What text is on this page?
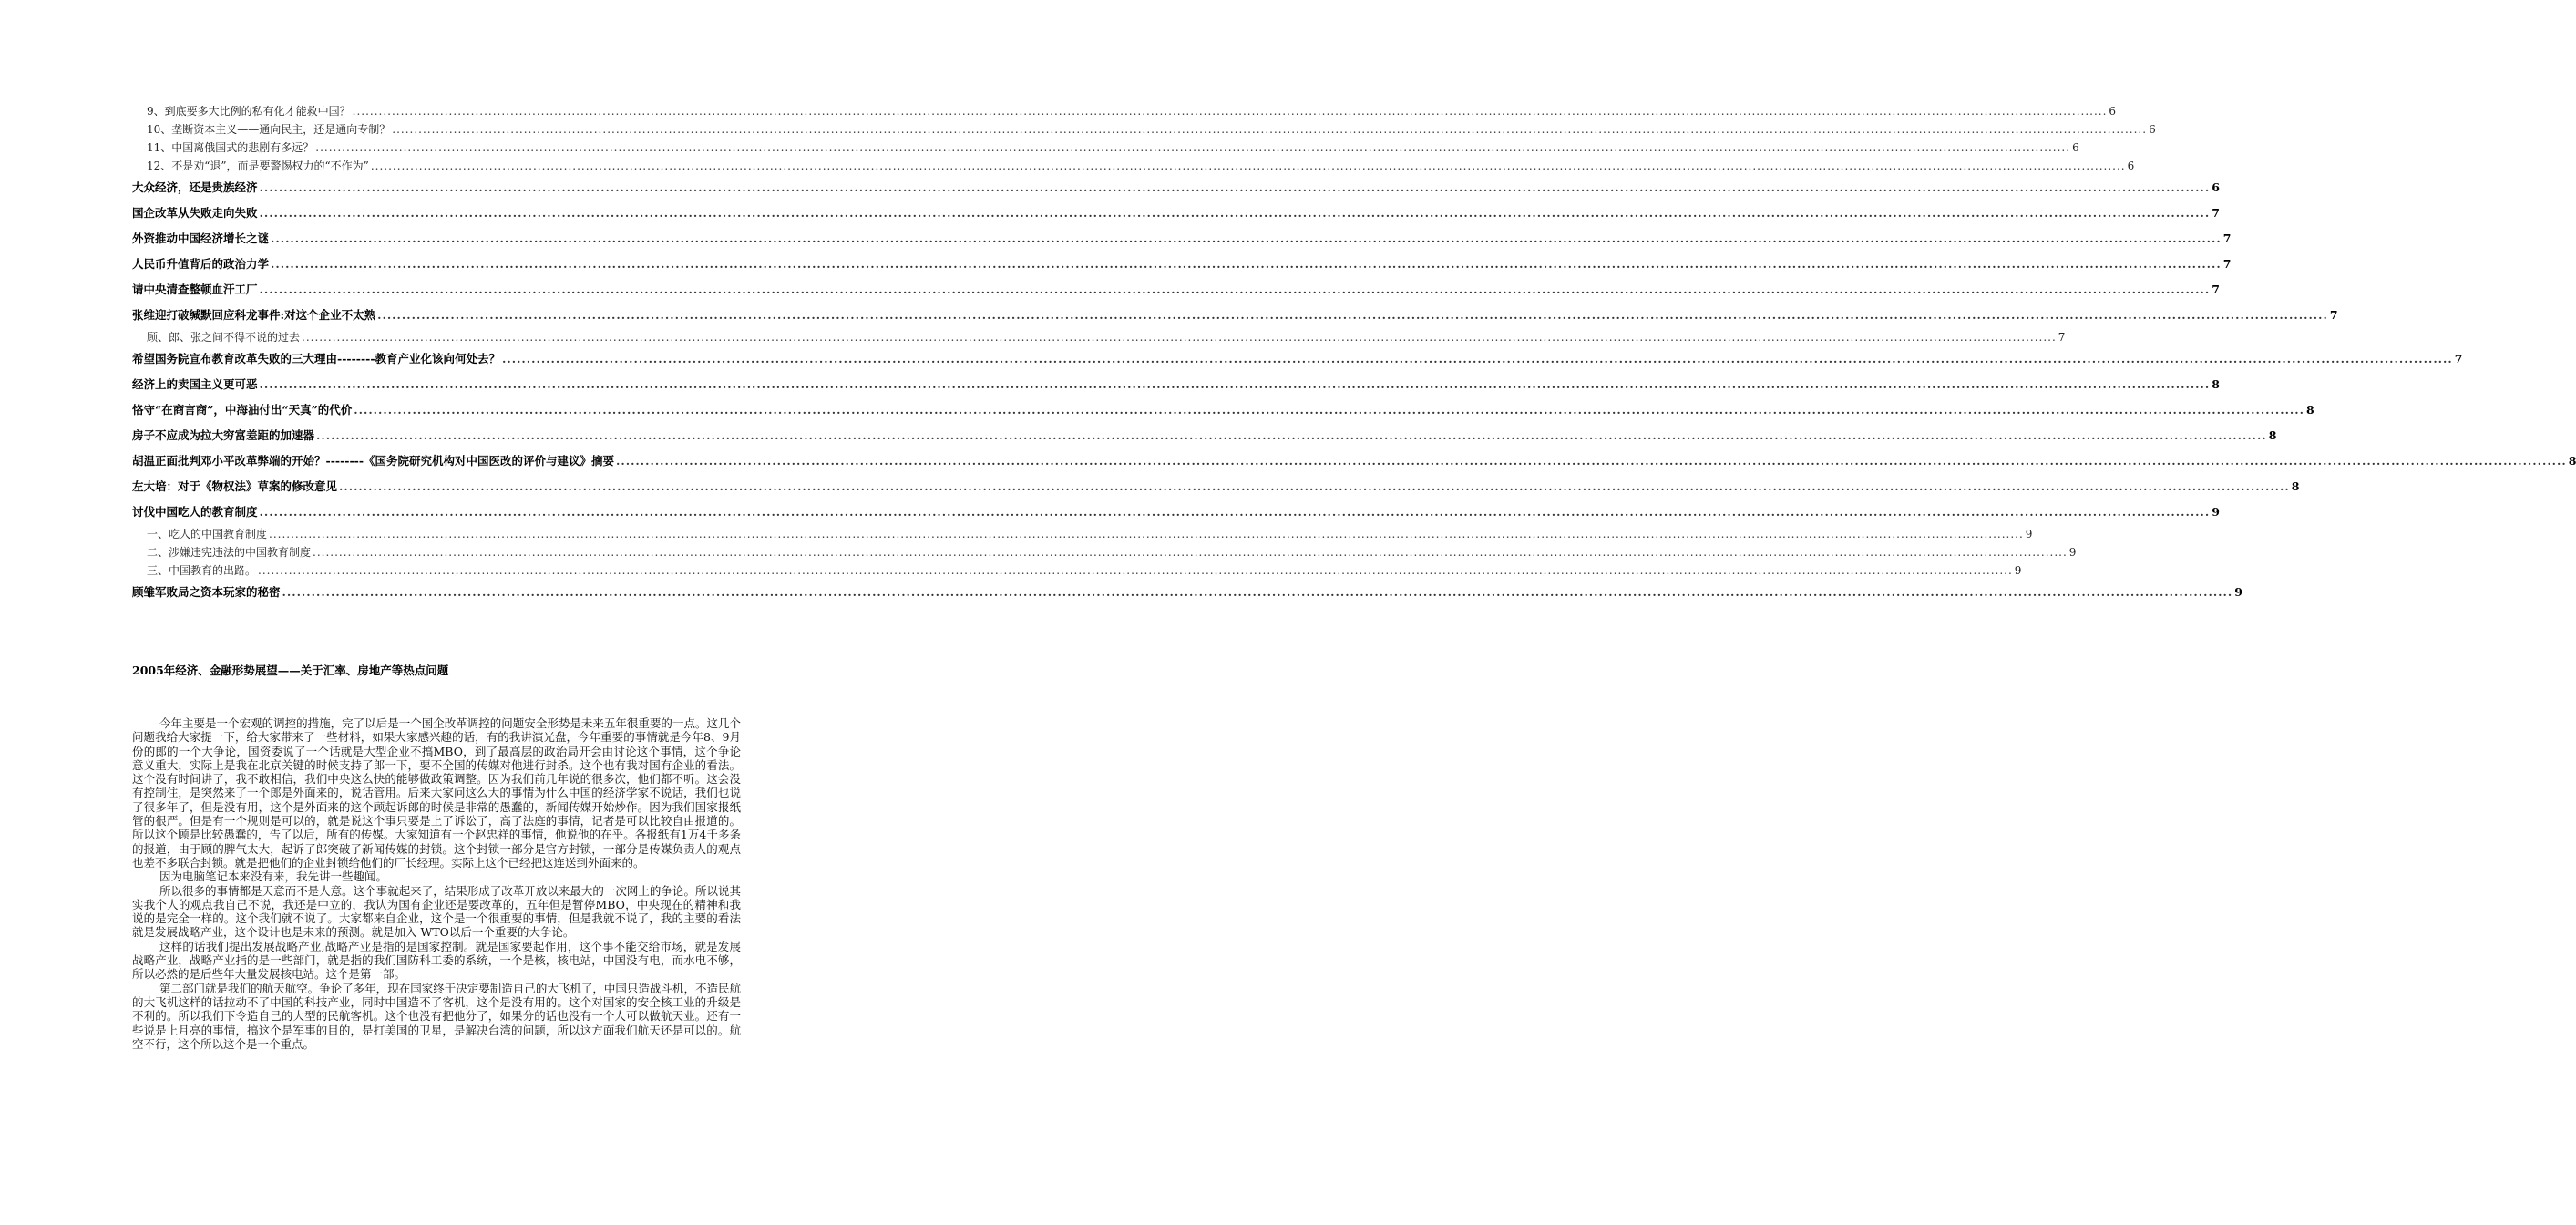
9、到底要多大比例的私有化才能救中国？ ................................................................................................................................................................................................................................................................................................................................................................................................................ 6
10、垄断资本主义——通向民主，还是通向专制？ ................................................................................................................................................................................................................................................................................................................................................................................................................ 6
11、中国离俄国式的悲剧有多远？ ................................................................................................................................................................................................................................................................................................................................................................................................................ 6
12、不是劝“退”，而是要警惕权力的“不作为” ................................................................................................................................................................................................................................................................................................................................................................................................................ 6
大众经济，还是贵族经济 ................................................................................................................................................................................................................................................................................................................................................................................................................ 6
国企改革从失败走向失败 ................................................................................................................................................................................................................................................................................................................................................................................................................ 7
外资推动中国经济增长之谜 ................................................................................................................................................................................................................................................................................................................................................................................................................ 7
人民币升值背后的政治力学 ................................................................................................................................................................................................................................................................................................................................................................................................................ 7
请中央清查整顿血汗工厂 ................................................................................................................................................................................................................................................................................................................................................................................................................ 7
张维迎打破缄默回应科龙事件:对这个企业不太熟 ................................................................................................................................................................................................................................................................................................................................................................................................................ 7
顾、郎、张之间不得不说的过去 ................................................................................................................................................................................................................................................................................................................................................................................................................ 7
希望国务院宣布教育改革失败的三大理由--------教育产业化该向何处去？ ................................................................................................................................................................................................................................................................................................................................................................................................................ 7
经济上的卖国主义更可恶 ................................................................................................................................................................................................................................................................................................................................................................................................................ 8
恪守“在商言商”，中海油付出“天真”的代价 ................................................................................................................................................................................................................................................................................................................................................................................................................ 8
房子不应成为拉大穷富差距的加速器 ................................................................................................................................................................................................................................................................................................................................................................................................................ 8
胡温正面批判邓小平改革弊端的开始？--------《国务院研究机构对中国医改的评价与建议》摘要 ................................................................................................................................................................................................................................................................................................................................................................................................................ 8
左大培：对于《物权法》草案的修改意见 ................................................................................................................................................................................................................................................................................................................................................................................................................ 8
讨伐中国吃人的教育制度 ................................................................................................................................................................................................................................................................................................................................................................................................................ 9
一、吃人的中国教育制度 ................................................................................................................................................................................................................................................................................................................................................................................................................ 9
二、涉嫌违宪违法的中国教育制度 ................................................................................................................................................................................................................................................................................................................................................................................................................ 9
三、中国教育的出路。 ................................................................................................................................................................................................................................................................................................................................................................................................................ 9
顾雏军败局之资本玩家的秘密 ................................................................................................................................................................................................................................................................................................................................................................................................................ 9
2005年经济、金融形势展望——关于汇率、房地产等热点问题

今年主要是一个宏观的调控的措施，完了以后是一个国企改革调控的问题安全形势是未来五年很重要的一点。这几个问题我给大家提一下，给大家带来了一些材料，如果大家感兴趣的话，有的我讲演光盘，今年重要的事情就是今年8、9月份的郎的一个大争论，国资委说了一个话就是大型企业不搞MBO，到了最高层的政治局开会由讨论这个事情，这个争论意义重大，实际上是我在北京关键的时候支持了郎一下，要不全国的传媒对他进行封杀。这个也有我对国有企业的看法。这个没有时间讲了，我不敢相信，我们中央这么快的能够做政策调整。因为我们前几年说的很多次，他们都不听。这会没有控制住，是突然来了一个郎是外面来的，说话管用。后来大家问这么大的事情为什么中国的经济学家不说话，我们也说了很多年了，但是没有用，这个是外面来的这个顾起诉郎的时候是非常的愚蠢的，新闻传媒开始炒作。因为我们国家报纸管的很严。但是有一个规则是可以的，就是说这个事只要是上了诉讼了，高了法庭的事情，记者是可以比较自由报道的。所以这个顾是比较愚蠢的，告了以后，所有的传媒。大家知道有一个赵忠祥的事情，他说他的在乎。各报纸有1万4千多条的报道，由于顾的脾气太大，起诉了郎突破了新闻传媒的封锁。这个封锁一部分是官方封锁，一部分是传媒负责人的观点也差不多联合封锁。就是把他们的企业封锁给他们的厂长经理。实际上这个已经把这连送到外面来的。

因为电脑笔记本来没有来，我先讲一些趣闻。

所以很多的事情都是天意而不是人意。这个事就起来了，结果形成了改革开放以来最大的一次网上的争论。所以说其实我个人的观点我自己不说，我还是中立的，我认为国有企业还是要改革的，五年但是暂停MBO，中央现在的精神和我说的是完全一样的。这个我们就不说了。大家都来自企业，这个是一个很重要的事情，但是我就不说了，我的主要的看法就是发展战略产业，这个设计也是未来的预测。就是加入 WTO以后一个重要的大争论。

这样的话我们提出发展战略产业,战略产业是指的是国家控制。就是国家要起作用，这个事不能交给市场，就是发展战略产业，战略产业指的是一些部门，就是指的我们国防科工委的系统，一个是核，核电站，中国没有电，而水电不够，所以必然的是后些年大量发展核电站。这个是第一部。

第二部门就是我们的航天航空。争论了多年，现在国家终于决定要制造自己的大飞机了，中国只造战斗机，不造民航的大飞机这样的话拉动不了中国的科技产业，同时中国造不了客机，这个是没有用的。这个对国家的安全核工业的升级是不利的。所以我们下令造自己的大型的民航客机。这个也没有把他分了，如果分的话也没有一个人可以做航天业。还有一些说是上月亮的事情，搞这个是军事的目的，是打美国的卫星，是解决台湾的问题，所以这方面我们航天还是可以的。航空不行，这个所以这个是一个重点。
